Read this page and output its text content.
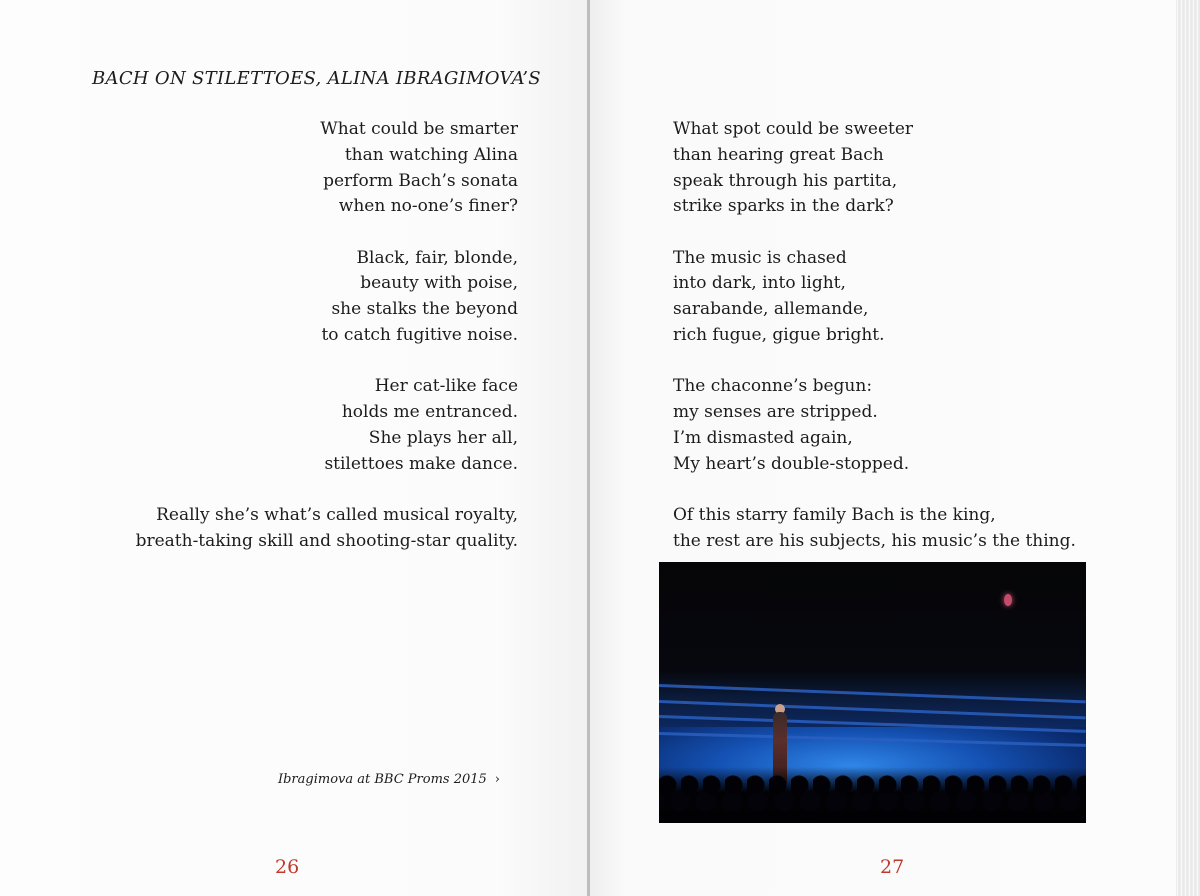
BACH ON STILETTOES, ALINA IBRAGIMOVA’S
What could be smarter
than watching Alina
perform Bach’s sonata
when no-one’s finer?
Black, fair, blonde,
beauty with poise,
she stalks the beyond
to catch fugitive noise.
Her cat-like face
holds me entranced.
She plays her all,
stilettoes make dance.
Really she’s what’s called musical royalty,
breath-taking skill and shooting-star quality.
Ibragimova at BBC Proms 2015 ›
26
What spot could be sweeter
than hearing great Bach
speak through his partita,
strike sparks in the dark?
The music is chased
into dark, into light,
sarabande, allemande,
rich fugue, gigue bright.
The chaconne’s begun:
my senses are stripped.
I’m dismasted again,
My heart’s double-stopped.
Of this starry family Bach is the king,
the rest are his subjects, his music’s the thing.
27
